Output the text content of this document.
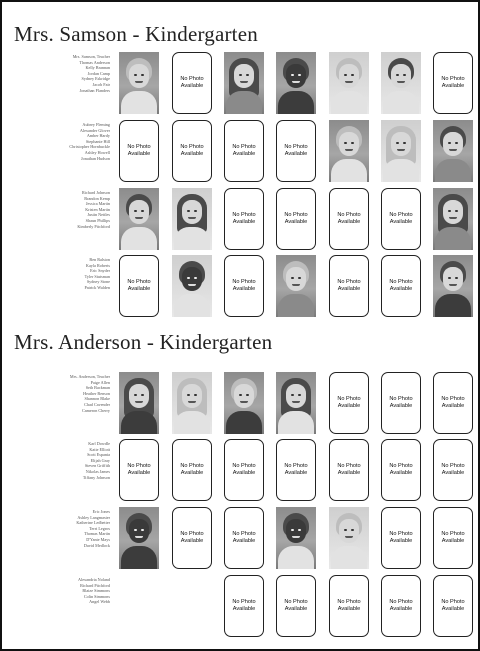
Mrs. Samson - Kindergarten
Mrs. Samson, Teacher
Thomas Anderson
Kelly Brannan
Jordan Camp
Sydney Eskridge
Jacob Fair
Jonathan Flanders
No Photo Available
No Photo Available
Aubrey Fleming
Alexander Glover
Amber Hardy
Stephanie Hill
Christopher Hornbuckle
Ashley Howell
Jonathan Hudson
No Photo Available
No Photo Available
No Photo Available
No Photo Available
Richard Johnson
Brandon Kemp
Jessica Martin
Kristen Martin
Justin Nettles
Shaun Phillips
Kimberly Pitchford
No Photo Available
No Photo Available
No Photo Available
No Photo Available
Ben Ralston
Kayla Roberts
Eric Snyder
Tyler Stutsman
Sydney Stone
Patrick Walden
No Photo Available
No Photo Available
No Photo Available
No Photo Available
Mrs. Anderson - Kindergarten
Mrs. Anderson, Teacher
Paige Allen
Seth Backman
Heather Benson
Shannon Blake
Chad Cavender
Cameron Cherry
No Photo Available
No Photo Available
No Photo Available
Karl Dowdle
Katie Elliott
Scott Espania
Elijah Gray
Steven Griffith
Nikolas James
Tiffany Johnson
No Photo Available
No Photo Available
No Photo Available
No Photo Available
No Photo Available
No Photo Available
No Photo Available
Eric Jones
Ashley Langmaster
Katherine Ledbetter
Terri Legros
Thomas Martin
D'Yante Mays
David Medlock
No Photo Available
No Photo Available
No Photo Available
No Photo Available
Alexandria Noland
Richard Pitchford
Blaize Simmons
Colin Simmons
Angel Webb	No Photo Available
No Photo Available
No Photo Available
No Photo Available
No Photo Available
